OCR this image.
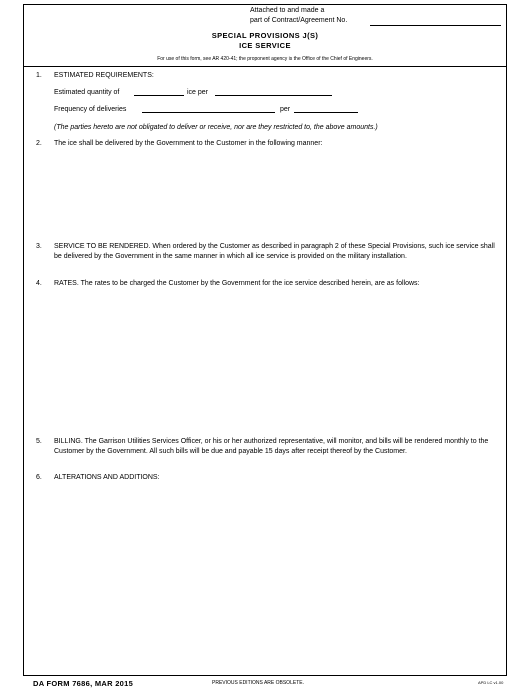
Attached to and made a
part of Contract/Agreement No.
SPECIAL PROVISIONS J(S)
ICE SERVICE
For use of this form, see AR 420-41; the proponent agency is the Office of the Chief of Engineers.
1. ESTIMATED REQUIREMENTS:
Estimated quantity of	ice per
Frequency of deliveries	per
(The parties hereto are not obligated to deliver or receive, nor are they restricted to, the above amounts.)
2. The ice shall be delivered by the Government to the Customer in the following manner:
3. SERVICE TO BE RENDERED. When ordered by the Customer as described in paragraph 2 of these Special Provisions, such ice service shall be delivered by the Government in the same manner in which all ice service is provided on the military installation.
4. RATES. The rates to be charged the Customer by the Government for the ice service described herein, are as follows:
5. BILLING. The Garrison Utilities Services Officer, or his or her authorized representative, will monitor, and bills will be rendered monthly to the Customer by the Government. All such bills will be due and payable 15 days after receipt thereof by the Customer.
6. ALTERATIONS AND ADDITIONS:
DA FORM 7686, MAR 2015	PREVIOUS EDITIONS ARE OBSOLETE.	APD LC v1.00
